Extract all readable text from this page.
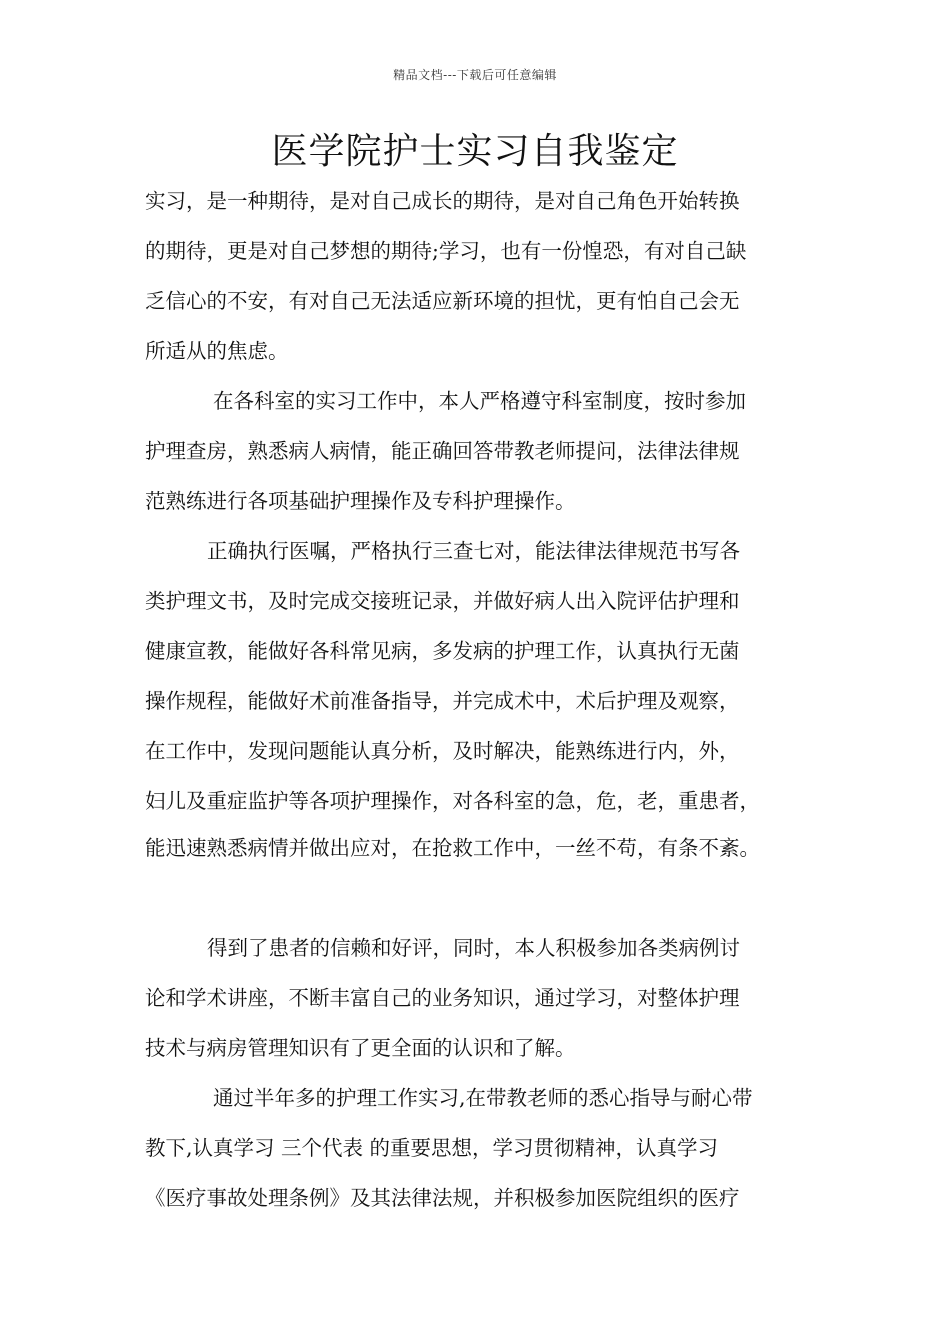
精品文档---下载后可任意编辑
医学院护士实习自我鉴定
实习，是一种期待，是对自己成长的期待，是对自己角色开始转换
的期待，更是对自己梦想的期待;学习，也有一份惶恐，有对自己缺
乏信心的不安，有对自己无法适应新环境的担忧，更有怕自己会无
所适从的焦虑。
在各科室的实习工作中，本人严格遵守科室制度，按时参加
护理查房，熟悉病人病情，能正确回答带教老师提问，法律法律规
范熟练进行各项基础护理操作及专科护理操作。
正确执行医嘱，严格执行三查七对，能法律法律规范书写各
类护理文书，及时完成交接班记录，并做好病人出入院评估护理和
健康宣教，能做好各科常见病，多发病的护理工作，认真执行无菌
操作规程，能做好术前准备指导，并完成术中，术后护理及观察，
在工作中，发现问题能认真分析，及时解决，能熟练进行内，外，
妇儿及重症监护等各项护理操作，对各科室的急，危，老，重患者，
能迅速熟悉病情并做出应对，在抢救工作中，一丝不苟，有条不紊。
得到了患者的信赖和好评，同时，本人积极参加各类病例讨
论和学术讲座，不断丰富自己的业务知识，通过学习，对整体护理
技术与病房管理知识有了更全面的认识和了解。
通过半年多的护理工作实习,在带教老师的悉心指导与耐心带
教下,认真学习 三个代表 的重要思想，学习贯彻精神，认真学习
《医疗事故处理条例》及其法律法规，并积极参加医院组织的医疗
